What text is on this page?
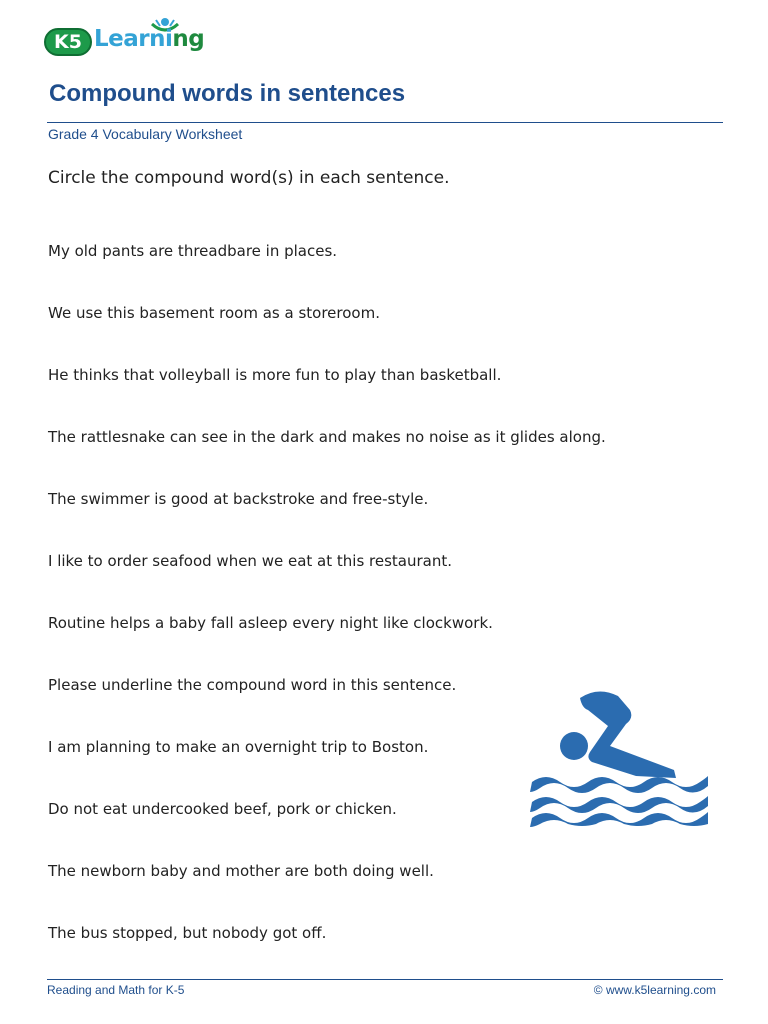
K5 Learning
Compound words in sentences
Grade 4 Vocabulary Worksheet
Circle the compound word(s) in each sentence.
My old pants are threadbare in places.
We use this basement room as a storeroom.
He thinks that volleyball is more fun to play than basketball.
The rattlesnake can see in the dark and makes no noise as it glides along.
The swimmer is good at backstroke and free-style.
I like to order seafood when we eat at this restaurant.
Routine helps a baby fall asleep every night like clockwork.
Please underline the compound word in this sentence.
I am planning to make an overnight trip to Boston.
Do not eat undercooked beef, pork or chicken.
The newborn baby and mother are both doing well.
The bus stopped, but nobody got off.
Reading and Math for K-5	© www.k5learning.com
